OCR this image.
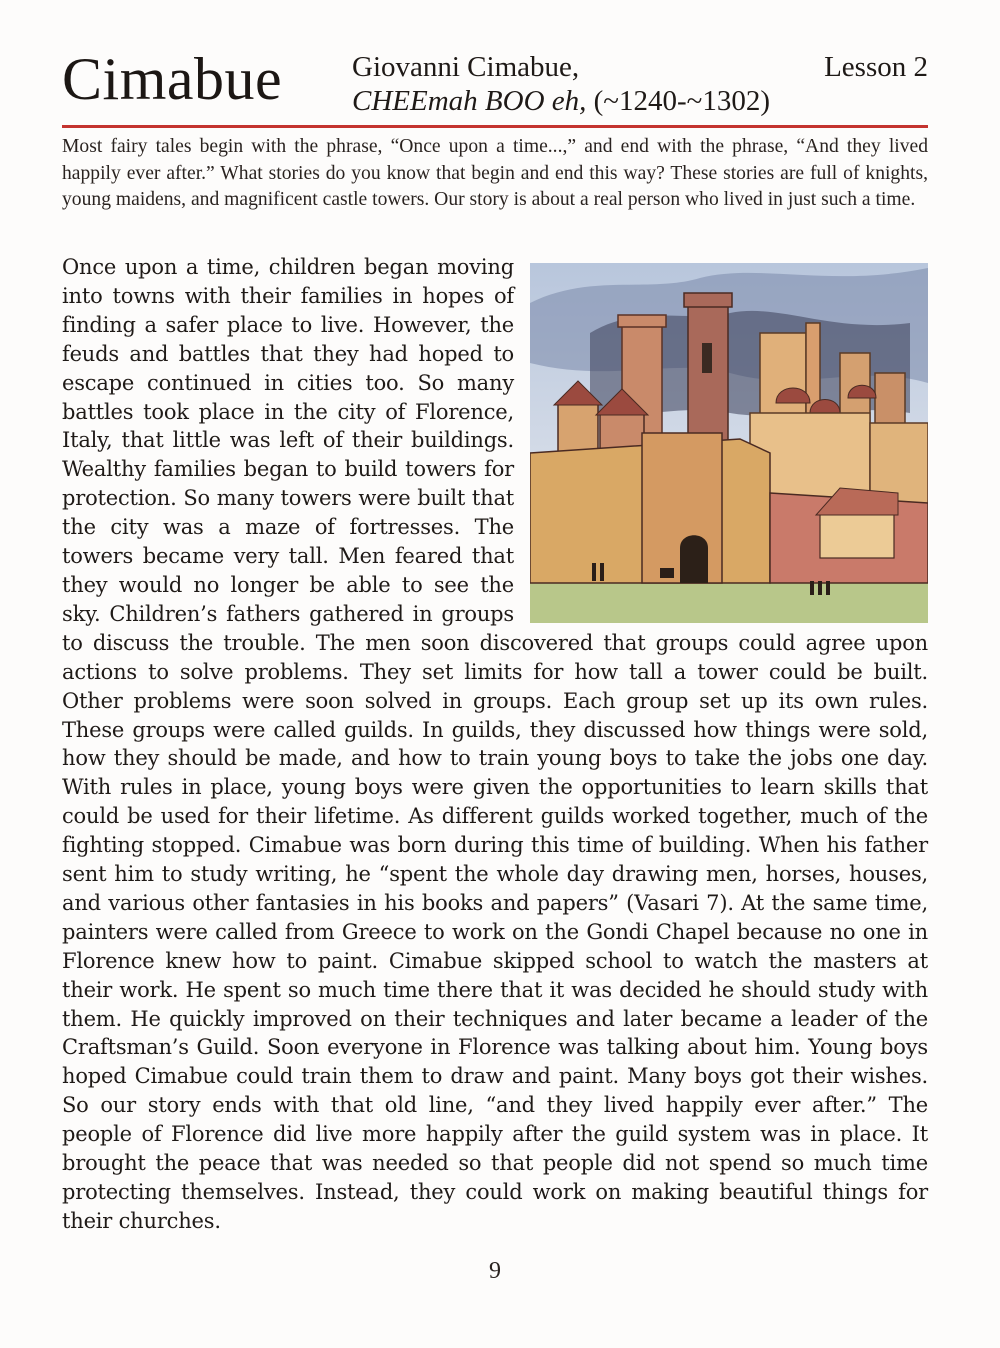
Cimabue Giovanni Cimabue,
CHEEmah BOO eh, (~1240-~1302)
Lesson 2
Most fairy tales begin with the phrase, “Once upon a time...,” and end with the phrase, “And they lived happily ever after.” What stories do you know that begin and end this way? These stories are full of knights, young maidens, and magnificent castle towers. Our story is about a real person who lived in just such a time.

Once upon a time, children began moving into towns with their families in hopes of finding a safer place to live. However, the feuds and battles that they had hoped to escape continued in cities too. So many battles took place in the city of Florence, Italy, that little was left of their buildings. Wealthy families began to build towers for protection. So many towers were built that the city was a maze of fortresses. The towers became very tall. Men feared that they would no longer be able to see the sky. Children’s fathers gathered in groups to discuss the trouble. The men soon discovered that groups could agree upon actions to solve problems. They set limits for how tall a tower could be built. Other problems were soon solved in groups. Each group set up its own rules. These groups were called guilds. In guilds, they discussed how things were sold, how they should be made, and how to train young boys to take the jobs one day. With rules in place, young boys were given the opportunities to learn skills that could be used for their lifetime. As different guilds worked together, much of the fighting stopped. Cimabue was born during this time of building. When his father sent him to study writing, he “spent the whole day drawing men, horses, houses, and various other fantasies in his books and papers” (Vasari 7). At the same time, painters were called from Greece to work on the Gondi Chapel because no one in Florence knew how to paint. Cimabue skipped school to watch the masters at their work. He spent so much time there that it was decided he should study with them. He quickly improved on their techniques and later became a leader of the Craftsman’s Guild. Soon everyone in Florence was talking about him. Young boys hoped Cimabue could train them to draw and paint. Many boys got their wishes. So our story ends with that old line, “and they lived happily ever after.” The people of Florence did live more happily after the guild system was in place. It brought the peace that was needed so that people did not spend so much time protecting themselves. Instead, they could work on making beautiful things for their churches.

9
